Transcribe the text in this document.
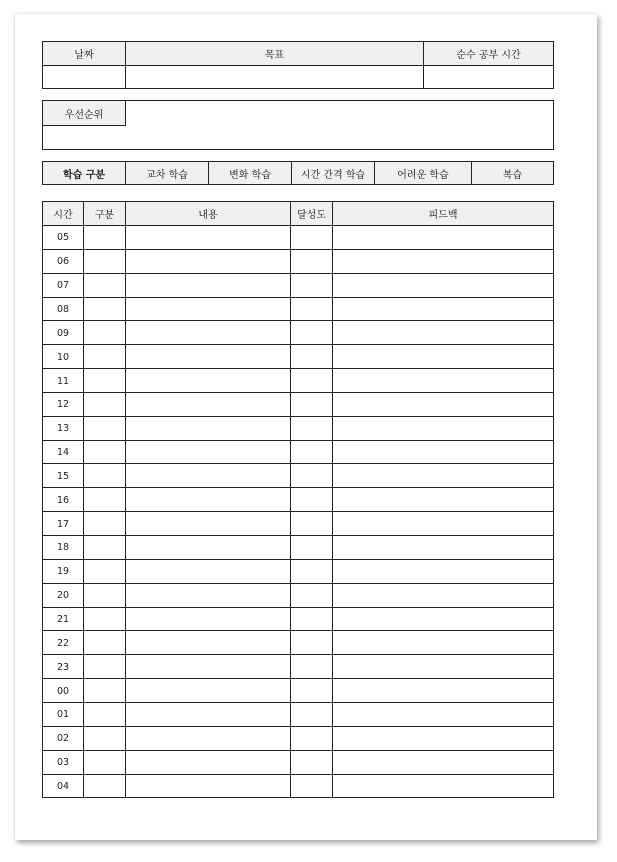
날짜	목표	순수 공부 시간
우선순위
학습 구분	교차 학습	변화 학습	시간 간격 학습	어려운 학습	복습
시간	구분	내용	달성도	피드백
05
06
07
08
09
10
11
12
13
14
15
16
17
18
19
20
21
22
23
00
01
02
03
04
